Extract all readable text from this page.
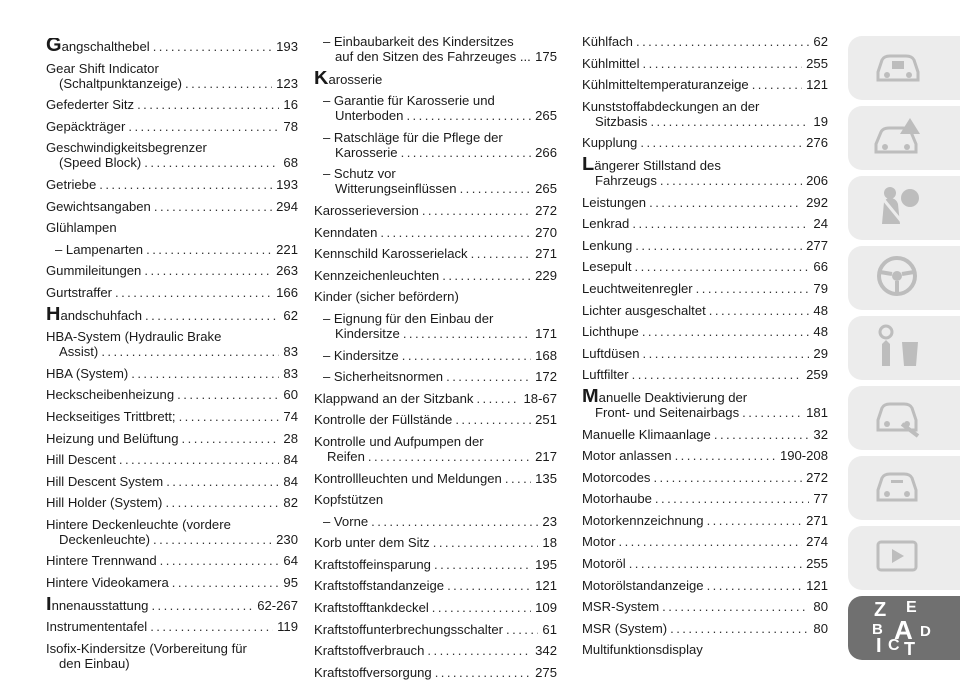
Gangschalthebel . . .	193
Gear Shift Indicator
(Schaltpunktanzeige) . . .	123
Gefederter Sitz . . .	16
Gepäckträger . . .	78
Geschwindigkeitsbegrenzer
(Speed Block) . . .	68
Getriebe . . .	193
Gewichtsangaben . . .	294
Glühlampen
– Lampenarten . . .	221
Gummileitungen . . .	263
Gurtstraffer . . .	166
Handschuhfach . . .	62
HBA-System (Hydraulic Brake
Assist) . . .	83
HBA (System) . . .	83
Heckscheibenheizung . . .	60
Heckseitiges Trittbrett; . . .	74
Heizung und Belüftung . . .	28
Hill Descent . . .	84
Hill Descent System . . .	84
Hill Holder (System) . . .	82
Hintere Deckenleuchte (vordere
Deckenleuchte) . . .	230
Hintere Trennwand . . .	64
Hintere Videokamera . . .	95
Innenausstattung . . .	62-267
Instrumententafel . . .	119
Isofix-Kindersitze (Vorbereitung für
den Einbau)
– Einbaubarkeit des Kindersitzes
auf den Sitzen des Fahrzeuges ... 175
Karosserie
– Garantie für Karosserie und
Unterboden . . .	265
– Ratschläge für die Pflege der
Karosserie . . .	266
– Schutz vor
Witterungseinflüssen . . .	265
Karosserieversion . . .	272
Kenndaten . . .	270
Kennschild Karosserielack . . .	271
Kennzeichenleuchten . . .	229
Kinder (sicher befördern)
– Eignung für den Einbau der
Kindersitze . . .	171
– Kindersitze . . .	168
– Sicherheitsnormen . . .	172
Klappwand an der Sitzbank . . .	18-67
Kontrolle der Füllstände . . .	251
Kontrolle und Aufpumpen der
Reifen . . .	217
Kontrollleuchten und Meldungen . . .	135
Kopfstützen
– Vorne . . .	23
Korb unter dem Sitz . . .	18
Kraftstoffeinsparung . . .	195
Kraftstoffstandanzeige . . .	121
Kraftstofftankdeckel . . .	109
Kraftstoffunterbrechungsschalter . . .	61
Kraftstoffverbrauch . . .	342
Kraftstoffversorgung . . .	275
Kühlfach . . .	62
Kühlmittel . . .	255
Kühlmitteltemperaturanzeige . . .	121
Kunststoffabdeckungen an der
Sitzbasis . . .	19
Kupplung . . .	276
Längerer Stillstand des
Fahrzeugs . . .	206
Leistungen . . .	292
Lenkrad . . .	24
Lenkung . . .	277
Lesepult . . .	66
Leuchtweitenregler . . .	79
Lichter ausgeschaltet . . .	48
Lichthupe . . .	48
Luftdüsen . . .	29
Luftfilter . . .	259
Manuelle Deaktivierung der
Front- und Seitenairbags . . .	181
Manuelle Klimaanlage . . .	32
Motor anlassen . . .	190-208
Motorcodes . . .	272
Motorhaube . . .	77
Motorkennzeichnung . . .	271
Motor . . .	274
Motoröl . . .	255
Motorölstandanzeige . . .	121
MSR-System . . .	80
MSR (System) . . .	80
Multifunktionsdisplay
Z E
B A D
I C T
